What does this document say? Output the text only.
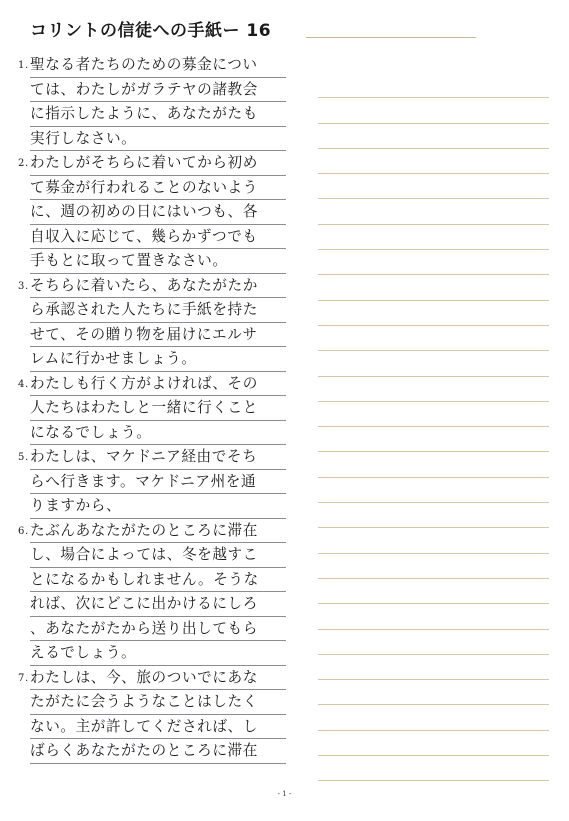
コリントの信徒への手紙ー 16
1. 聖なる者たちのための募金につい
ては、わたしがガラテヤの諸教会
に指示したように、あなたがたも
実行しなさい。
2. わたしがそちらに着いてから初め
て募金が行われることのないよう
に、週の初めの日にはいつも、各
自収入に応じて、幾らかずつでも
手もとに取って置きなさい。
3. そちらに着いたら、あなたがたか
ら承認された人たちに手紙を持た
せて、その贈り物を届けにエルサ
レムに行かせましょう。
4. わたしも行く方がよければ、その
人たちはわたしと一緒に行くこと
になるでしょう。
5. わたしは、マケドニア経由でそち
らへ行きます。マケドニア州を通
りますから、
6. たぶんあなたがたのところに滞在
し、場合によっては、冬を越すこ
とになるかもしれません。そうな
れば、次にどこに出かけるにしろ
、あなたがたから送り出してもら
えるでしょう。
7. わたしは、今、旅のついでにあな
たがたに会うようなことはしたく
ない。主が許してくだされば、し
ばらくあなたがたのところに滞在
- 1 -
